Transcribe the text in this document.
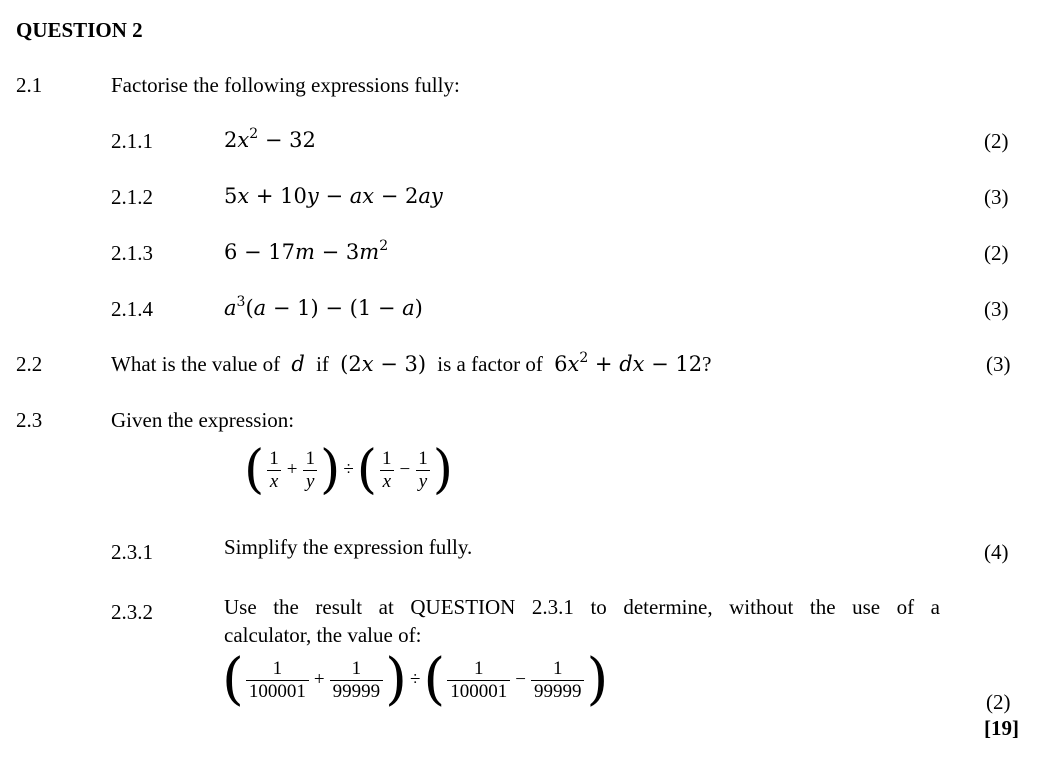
QUESTION 2
2.1	Factorise the following expressions fully:
2.1.1	$2x^2 - 32$	(2)
2.1.2	5x + 10y − ax − 2ay	(3)
2.1.3	$6 - 17m - 3m^2$	(2)
2.1.4	$a^3(a - 1) - (1 - a)$	(3)
2.2	What is the value of d if (2x − 3) is a factor of $6x^2$ + dx − 12?	(3)
2.3	Given the expression:
( $\frac{1}{x} + \frac{1}{y}$ ) ÷ ( $\frac{1}{x} - \frac{1}{y}$ )
2.3.1	Simplify the expression fully.	(4)
2.3.2	Use the result at QUESTION 2.3.1 to determine, without the use of a
calculator, the value of:
( $\frac{1}{100001} + \frac{1}{99999}$ ) ÷ ( $\frac{1}{100001} - \frac{1}{99999}$ )	(2)
[19]
